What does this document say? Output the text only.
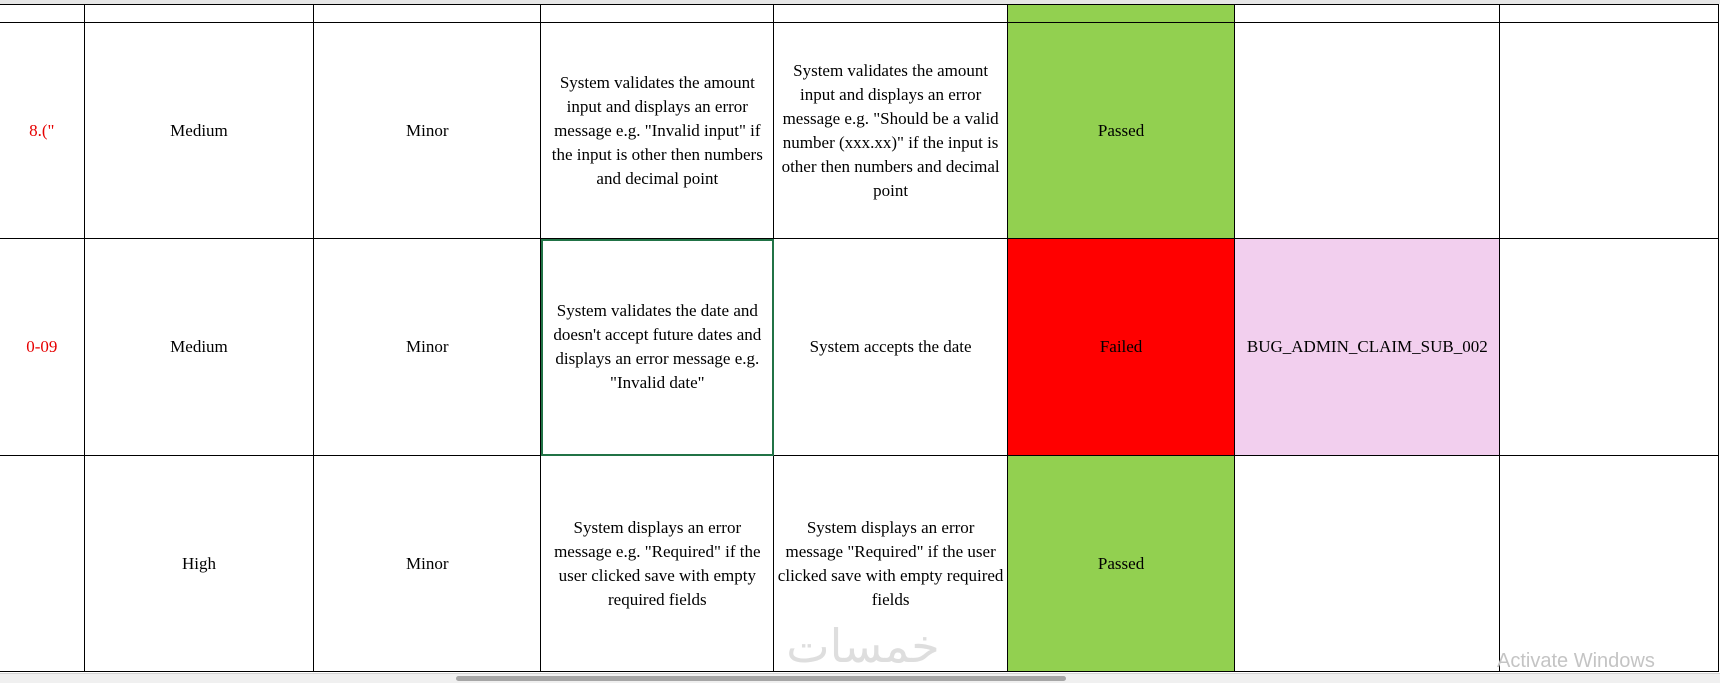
8.("	Medium	Minor	System validates the amount input and displays an error message e.g. "Invalid input" if the input is other then numbers and decimal point	System validates the amount input and displays an error message e.g. "Should be a valid number (xxx.xx)" if the input is other then numbers and decimal point	Passed		
0-09	Medium	Minor	System validates the date and doesn't accept future dates and displays an error message e.g. "Invalid date"	System accepts the date	Failed	BUG_ADMIN_CLAIM_SUB_002	
	High	Minor	System displays an error message e.g. "Required" if the user clicked save with empty required fields	System displays an error message "Required" if the user clicked save with empty required fields	Passed		
خمسات	Activate Windows
